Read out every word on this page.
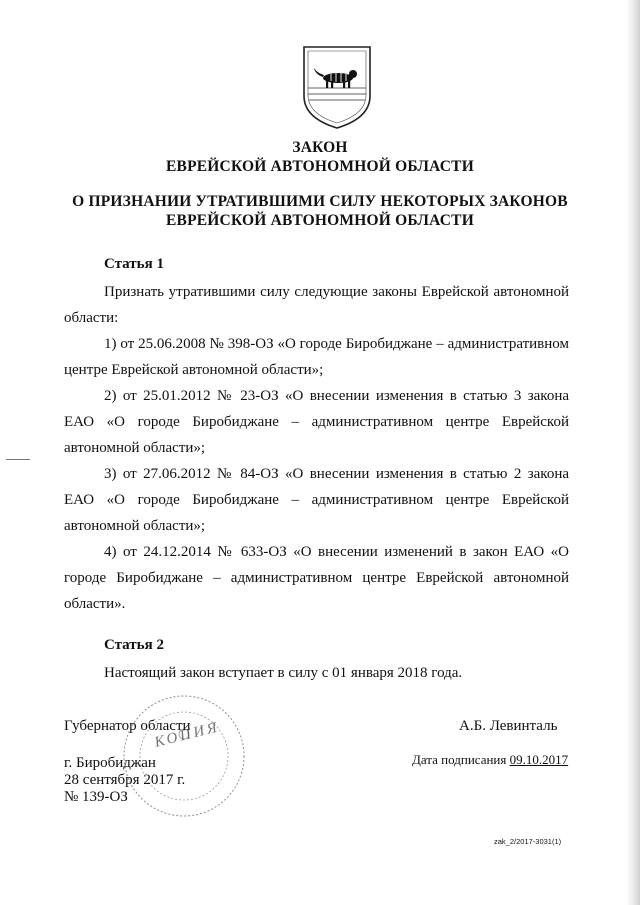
ЗАКОН
ЕВРЕЙСКОЙ АВТОНОМНОЙ ОБЛАСТИ
О ПРИЗНАНИИ УТРАТИВШИМИ СИЛУ НЕКОТОРЫХ ЗАКОНОВ
ЕВРЕЙСКОЙ АВТОНОМНОЙ ОБЛАСТИ
Статья 1
Признать утратившими силу следующие законы Еврейской автономной области:
1) от 25.06.2008 № 398-ОЗ «О городе Биробиджане – административном центре Еврейской автономной области»;
2) от 25.01.2012 № 23-ОЗ «О внесении изменения в статью 3 закона ЕАО «О городе Биробиджане – административном центре Еврейской автономной области»;
3) от 27.06.2012 № 84-ОЗ «О внесении изменения в статью 2 закона ЕАО «О городе Биробиджане – административном центре Еврейской автономной области»;
4) от 24.12.2014 № 633-ОЗ «О внесении изменений в закон ЕАО «О городе Биробиджане – административном центре Еврейской автономной области».
Статья 2
Настоящий закон вступает в силу с 01 января 2018 года.
Губернатор области	А.Б. Левинталь
г. Биробиджан
28 сентября 2017 г.
№ 139-ОЗ
Дата подписания 09.10.2017
КОПИЯ
zak_2/2017-3031(1)
